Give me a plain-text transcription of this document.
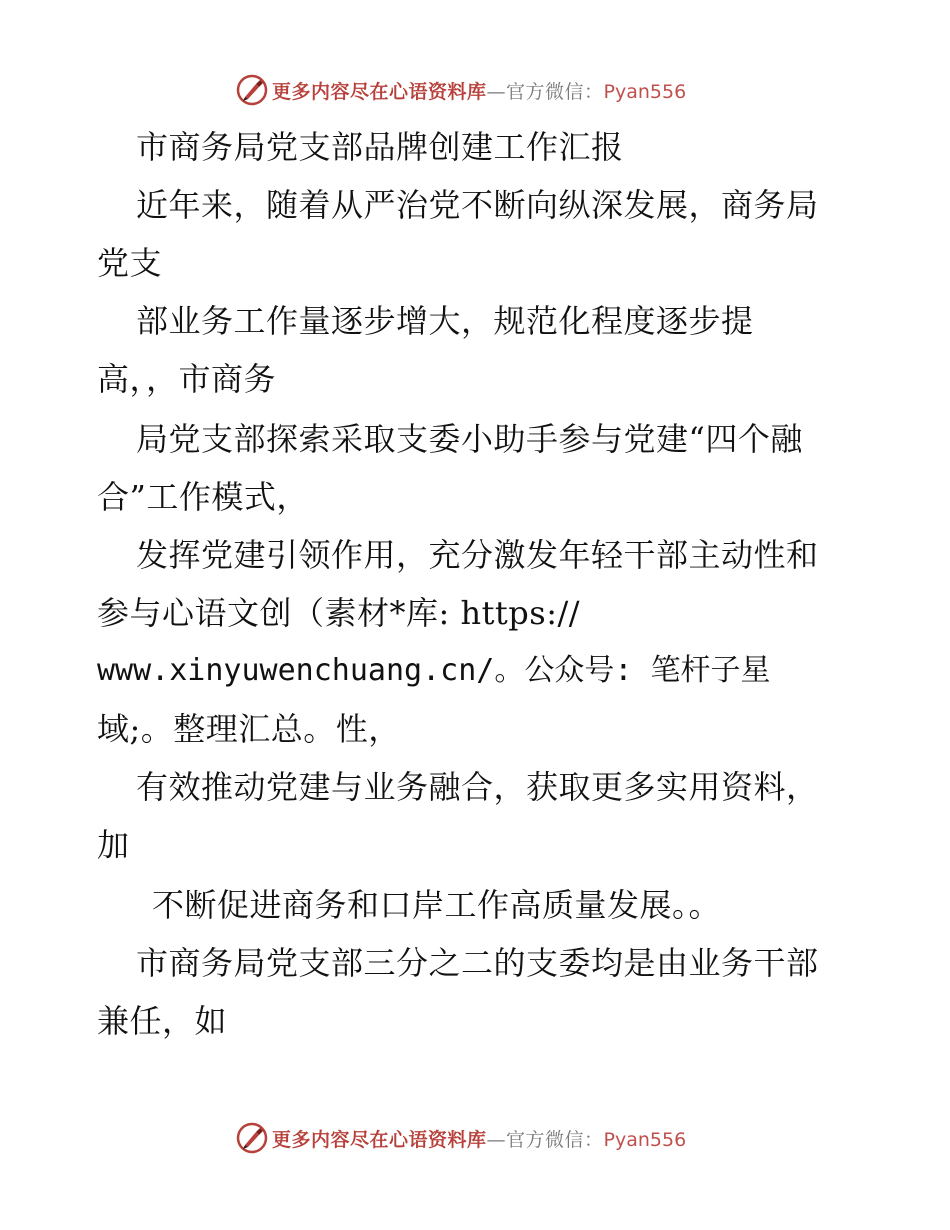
更多内容尽在心语资料库—官方微信：Pyan556
市商务局党支部品牌创建工作汇报
近年来，随着从严治党不断向纵深发展，商务局
党支
部业务工作量逐步增大，规范化程度逐步提
高，，市商务
局党支部探索采取支委小助手参与党建“四个融
合”工作模式，
发挥党建引领作用，充分激发年轻干部主动性和
参与心语文创（素材*库: https://
www.xinyuwenchuang.cn/。公众号: 笔杆子星
域;。整理汇总。性，
有效推动党建与业务融合，获取更多实用资料，
加
不断促进商务和口岸工作高质量发展。。
市商务局党支部三分之二的支委均是由业务干部
兼任，如
更多内容尽在心语资料库—官方微信：Pyan556
